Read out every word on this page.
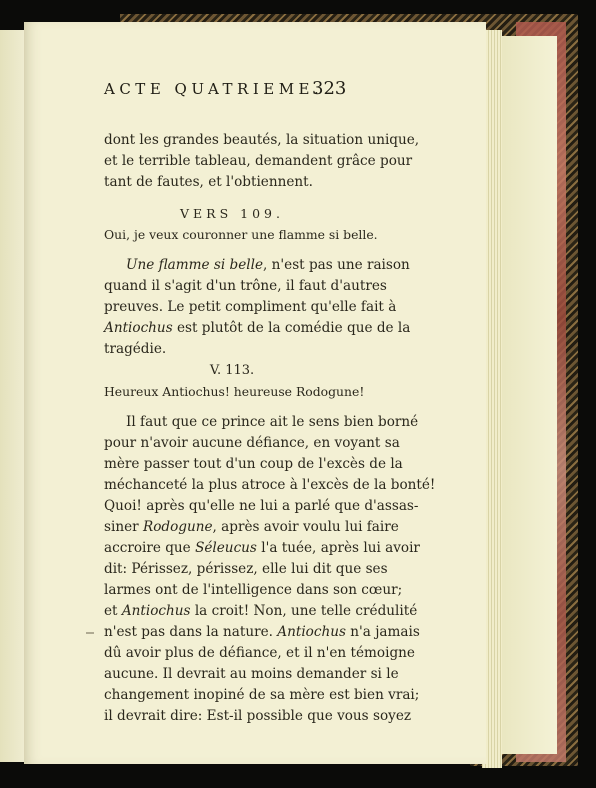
ACTE QUATRIEME.
323
dont les grandes beautés, la situation unique,
et le terrible tableau, demandent grâce pour
tant de fautes, et l'obtiennent.
VERS 109.
Oui, je veux couronner une flamme si belle.
Une flamme si belle, n'est pas une raison
quand il s'agit d'un trône, il faut d'autres
preuves. Le petit compliment qu'elle fait à
Antiochus est plutôt de la comédie que de la
tragédie.
V. 113.
Heureux Antiochus! heureuse Rodogune!
Il faut que ce prince ait le sens bien borné
pour n'avoir aucune défiance, en voyant sa
mère passer tout d'un coup de l'excès de la
méchanceté la plus atroce à l'excès de la bonté!
Quoi! après qu'elle ne lui a parlé que d'assas-
siner Rodogune, après avoir voulu lui faire
accroire que Séleucus l'a tuée, après lui avoir
dit: Périssez, périssez, elle lui dit que ses
larmes ont de l'intelligence dans son cœur;
et Antiochus la croit! Non, une telle crédulité
n'est pas dans la nature. Antiochus n'a jamais
dû avoir plus de défiance, et il n'en témoigne
aucune. Il devrait au moins demander si le
changement inopiné de sa mère est bien vrai;
il devrait dire: Est-il possible que vous soyez
